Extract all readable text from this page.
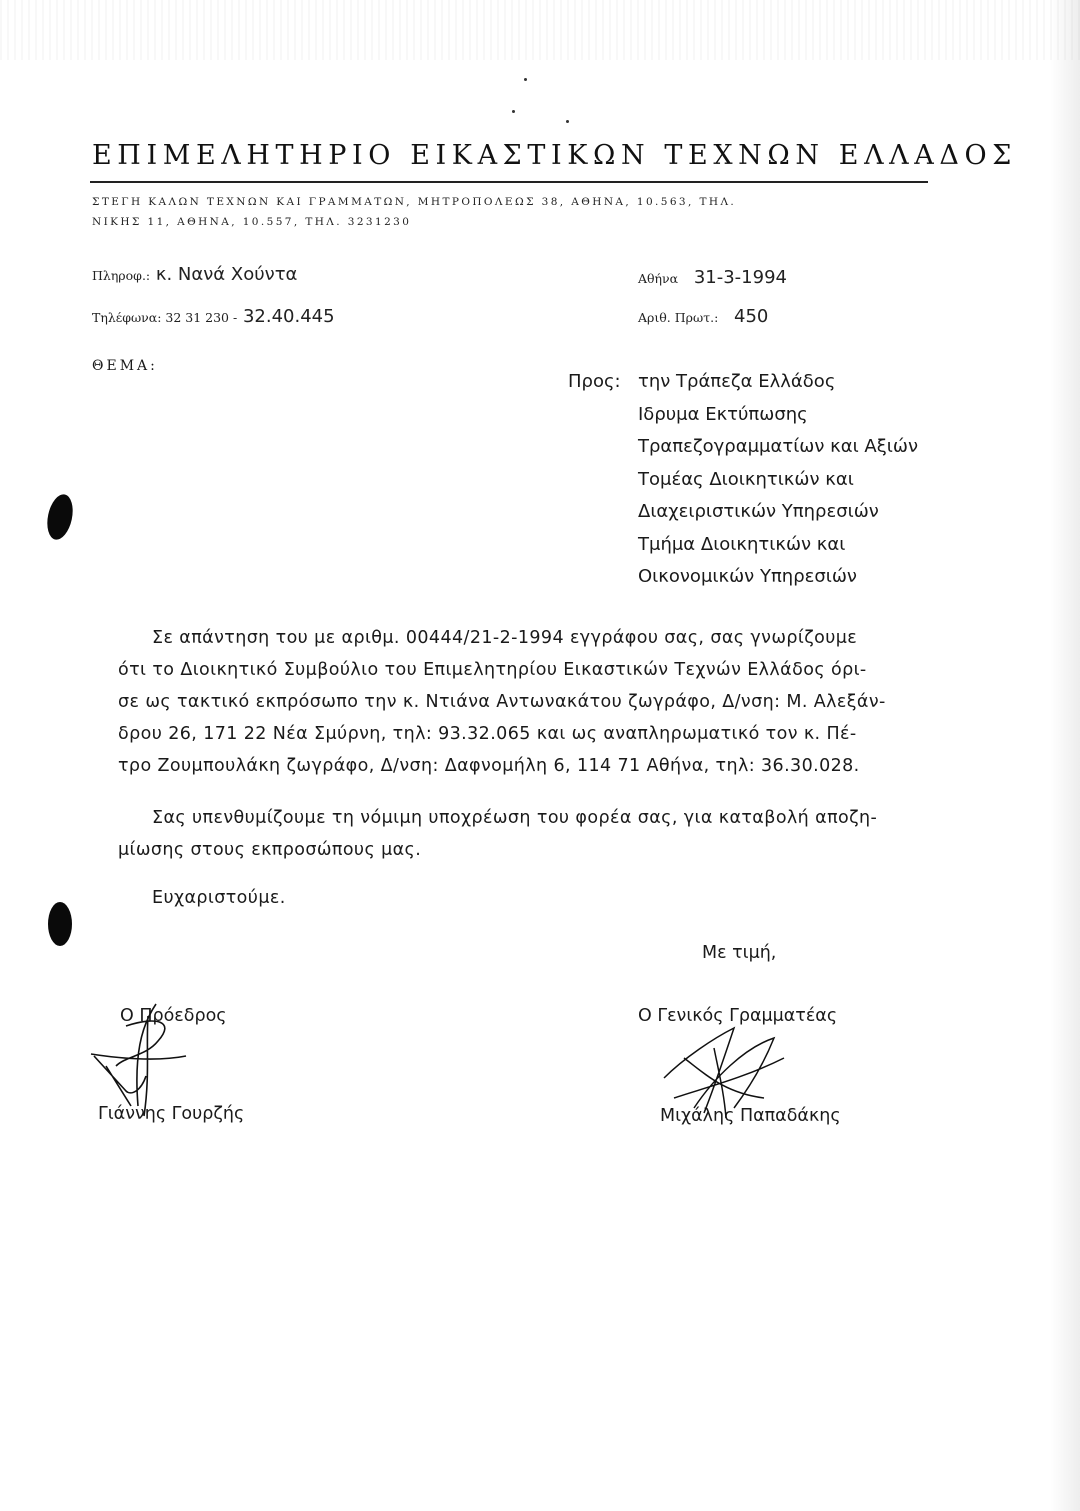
ΕΠΙΜΕΛΗΤΗΡΙΟ ΕΙΚΑΣΤΙΚΩΝ ΤΕΧΝΩΝ ΕΛΛΑΔΟΣ
ΣΤΕΓΗ ΚΑΛΩΝ ΤΕΧΝΩΝ ΚΑΙ ΓΡΑΜΜΑΤΩΝ, ΜΗΤΡΟΠΟΛΕΩΣ 38, ΑΘΗΝΑ, 10.563, ΤΗΛ.
ΝΙΚΗΣ 11, ΑΘΗΝΑ, 10.557, ΤΗΛ. 3231230
Πληροφ.: κ. Νανά Χούντα
Τηλέφωνα: 32 31 230 - 32.40.445
Αθήνα 31-3-1994
Αριθ. Πρωτ.: 450
ΘΕΜΑ:
Προς: την Τράπεζα Ελλάδος
Ιδρυμα Εκτύπωσης
Τραπεζογραμματίων και Αξιών
Τομέας Διοικητικών και
Διαχειριστικών Υπηρεσιών
Τμήμα Διοικητικών και
Οικονομικών Υπηρεσιών
Σε απάντηση του με αριθμ. 00444/21-2-1994 εγγράφου σας, σας γνωρίζουμε
ότι το Διοικητικό Συμβούλιο του Επιμελητηρίου Εικαστικών Τεχνών Ελλάδος όρι-
σε ως τακτικό εκπρόσωπο την κ. Ντιάνα Αντωνακάτου ζωγράφο, Δ/νση: Μ. Αλεξάν-
δρου 26, 171 22 Νέα Σμύρνη, τηλ: 93.32.065 και ως αναπληρωματικό τον κ. Πέ-
τρο Ζουμπουλάκη ζωγράφο, Δ/νση: Δαφνομήλη 6, 114 71 Αθήνα, τηλ: 36.30.028.
Σας υπενθυμίζουμε τη νόμιμη υποχρέωση του φορέα σας, για καταβολή αποζη-
μίωσης στους εκπροσώπους μας.
Ευχαριστούμε.
Με τιμή,
Ο Πρόεδρος
Γιάννης Γουρζής
Ο Γενικός Γραμματέας
Μιχάλης Παπαδάκης
